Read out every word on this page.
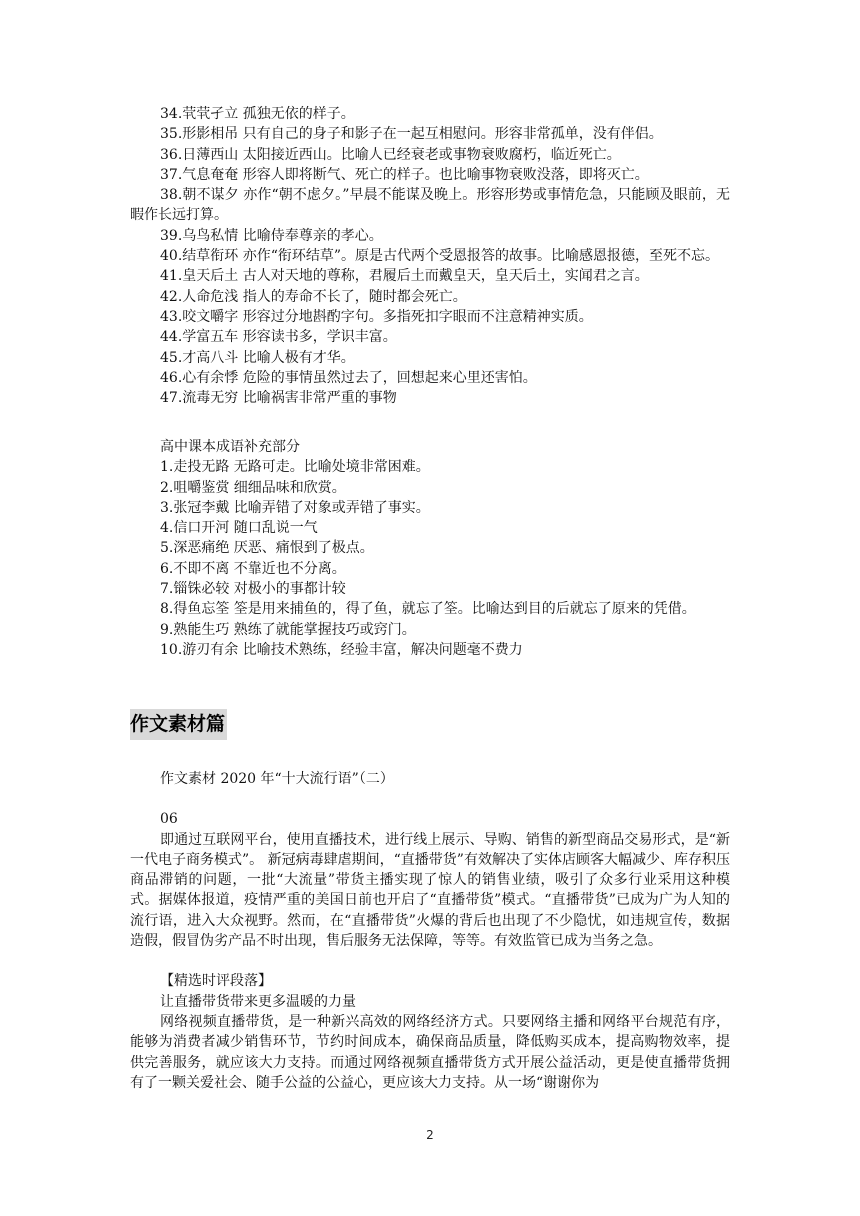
34.茕茕孑立 孤独无依的样子。
35.形影相吊 只有自己的身子和影子在一起互相慰问。形容非常孤单，没有伴侣。
36.日薄西山 太阳接近西山。比喻人已经衰老或事物衰败腐朽，临近死亡。
37.气息奄奄 形容人即将断气、死亡的样子。也比喻事物衰败没落，即将灭亡。
38.朝不谋夕 亦作“朝不虑夕。”早晨不能谋及晚上。形容形势或事情危急，只能顾及眼前，无暇作长远打算。
39.乌鸟私情 比喻侍奉尊亲的孝心。
40.结草衔环 亦作“衔环结草”。原是古代两个受恩报答的故事。比喻感恩报德，至死不忘。
41.皇天后土 古人对天地的尊称，君履后土而戴皇天，皇天后土，实闻君之言。
42.人命危浅 指人的寿命不长了，随时都会死亡。
43.咬文嚼字 形容过分地斟酌字句。多指死扣字眼而不注意精神实质。
44.学富五车 形容读书多，学识丰富。
45.才高八斗 比喻人极有才华。
46.心有余悸 危险的事情虽然过去了，回想起来心里还害怕。
47.流毒无穷 比喻祸害非常严重的事物
高中课本成语补充部分
1.走投无路 无路可走。比喻处境非常困难。
2.咀嚼鉴赏 细细品味和欣赏。
3.张冠李戴 比喻弄错了对象或弄错了事实。
4.信口开河 随口乱说一气
5.深恶痛绝 厌恶、痛恨到了极点。
6.不即不离 不靠近也不分离。
7.锱铢必较 对极小的事都计较
8.得鱼忘筌 筌是用来捕鱼的，得了鱼，就忘了筌。比喻达到目的后就忘了原来的凭借。
9.熟能生巧 熟练了就能掌握技巧或窍门。
10.游刃有余 比喻技术熟练，经验丰富，解决问题毫不费力
作文素材篇
作文素材 2020 年“十大流行语”（二）
06
即通过互联网平台，使用直播技术，进行线上展示、导购、销售的新型商品交易形式，是“新一代电子商务模式”。 新冠病毒肆虐期间，“直播带货”有效解决了实体店顾客大幅减少、库存积压商品滞销的问题，一批“大流量”带货主播实现了惊人的销售业绩，吸引了众多行业采用这种模式。据媒体报道，疫情严重的美国日前也开启了“直播带货”模式。“直播带货”已成为广为人知的流行语，进入大众视野。然而，在“直播带货”火爆的背后也出现了不少隐忧，如违规宣传，数据造假，假冒伪劣产品不时出现，售后服务无法保障，等等。有效监管已成为当务之急。
【精选时评段落】
让直播带货带来更多温暖的力量
网络视频直播带货，是一种新兴高效的网络经济方式。只要网络主播和网络平台规范有序，能够为消费者减少销售环节，节约时间成本，确保商品质量，降低购买成本，提高购物效率，提供完善服务，就应该大力支持。而通过网络视频直播带货方式开展公益活动，更是使直播带货拥有了一颗关爱社会、随手公益的公益心，更应该大力支持。从一场“谢谢你为
2
